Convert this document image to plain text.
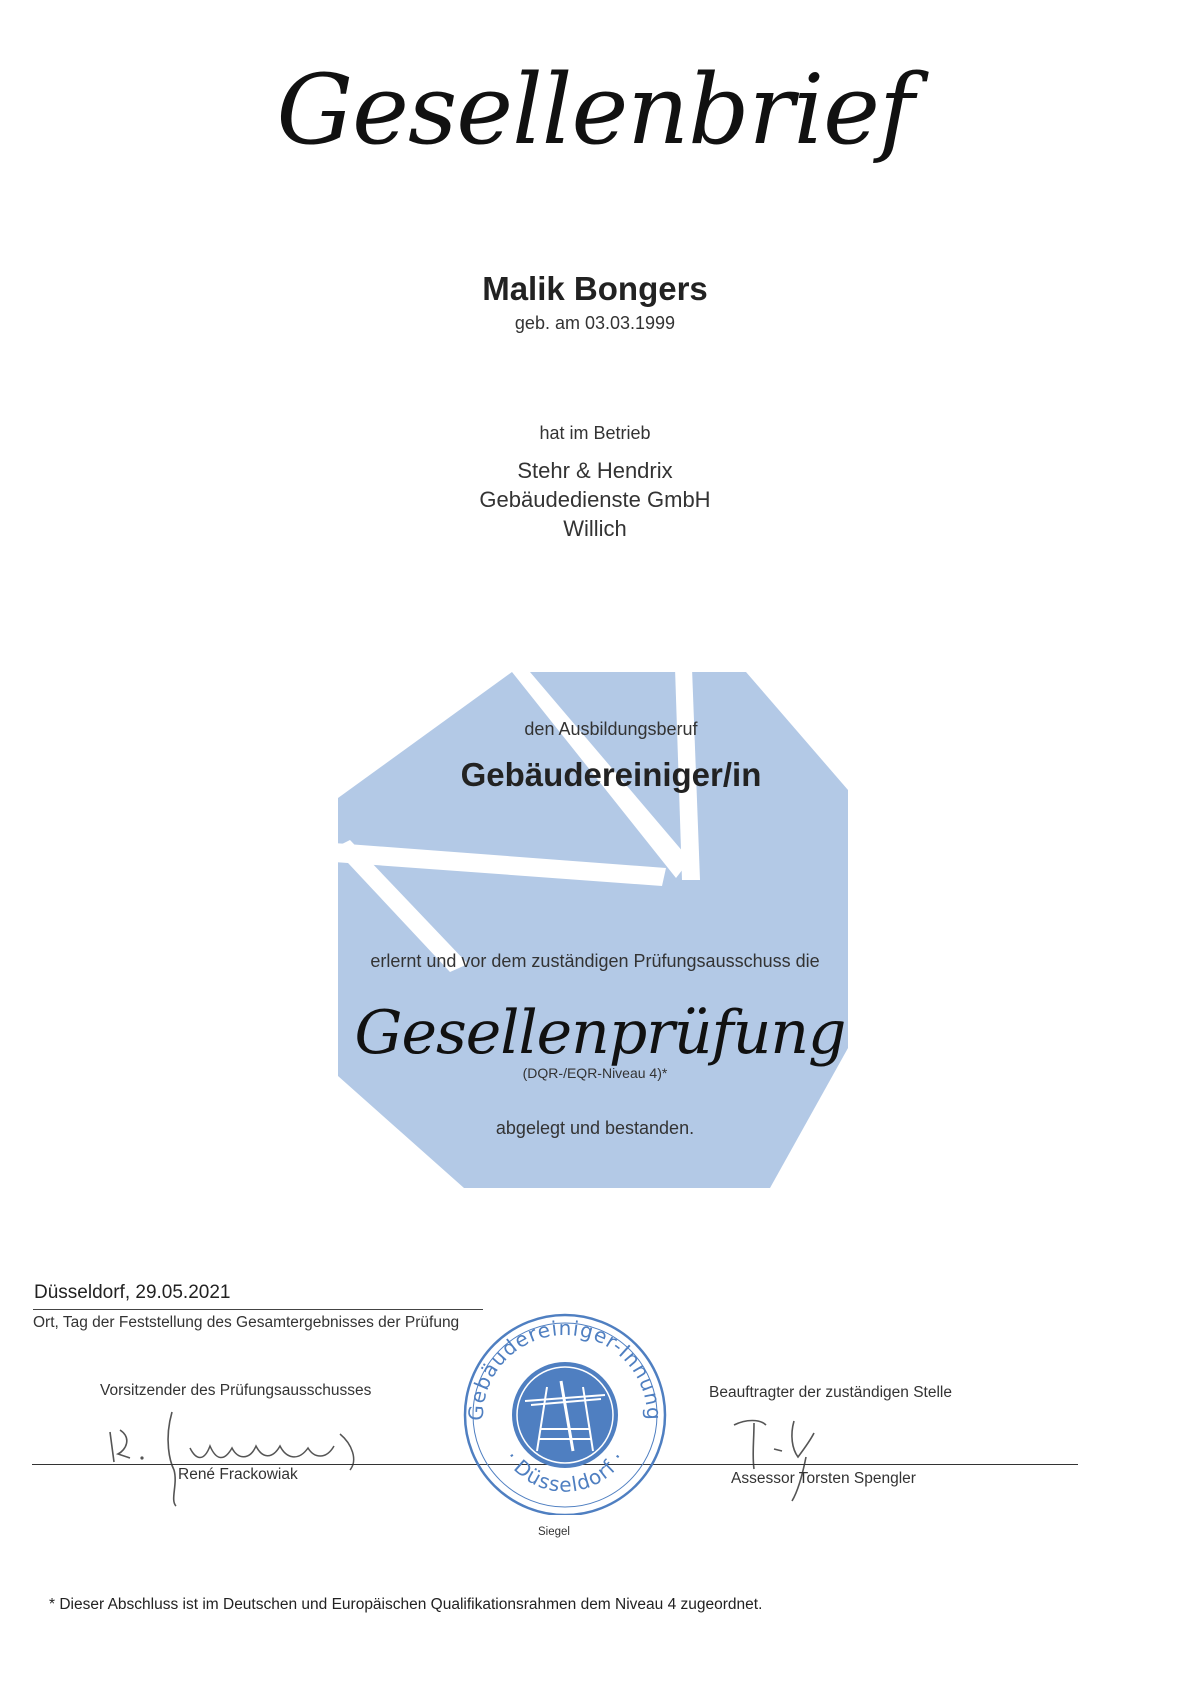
Gesellenbrief
Malik Bongers
geb. am 03.03.1999
hat im Betrieb
Stehr & Hendrix
Gebäudedienste GmbH
Willich
den Ausbildungsberuf
Gebäudereiniger/in
erlernt und vor dem zuständigen Prüfungsausschuss die
Gesellenprüfung
(DQR-/EQR-Niveau 4)*
abgelegt und bestanden.
Düsseldorf, 29.05.2021
Ort, Tag der Feststellung des Gesamtergebnisses der Prüfung
Vorsitzender des Prüfungsausschusses	Beauftragter der zuständigen Stelle
René Frackowiak	Assessor Torsten Spengler
Gebäudereiniger-Innung
· Düsseldorf ·
Siegel
* Dieser Abschluss ist im Deutschen und Europäischen Qualifikationsrahmen dem Niveau 4 zugeordnet.
